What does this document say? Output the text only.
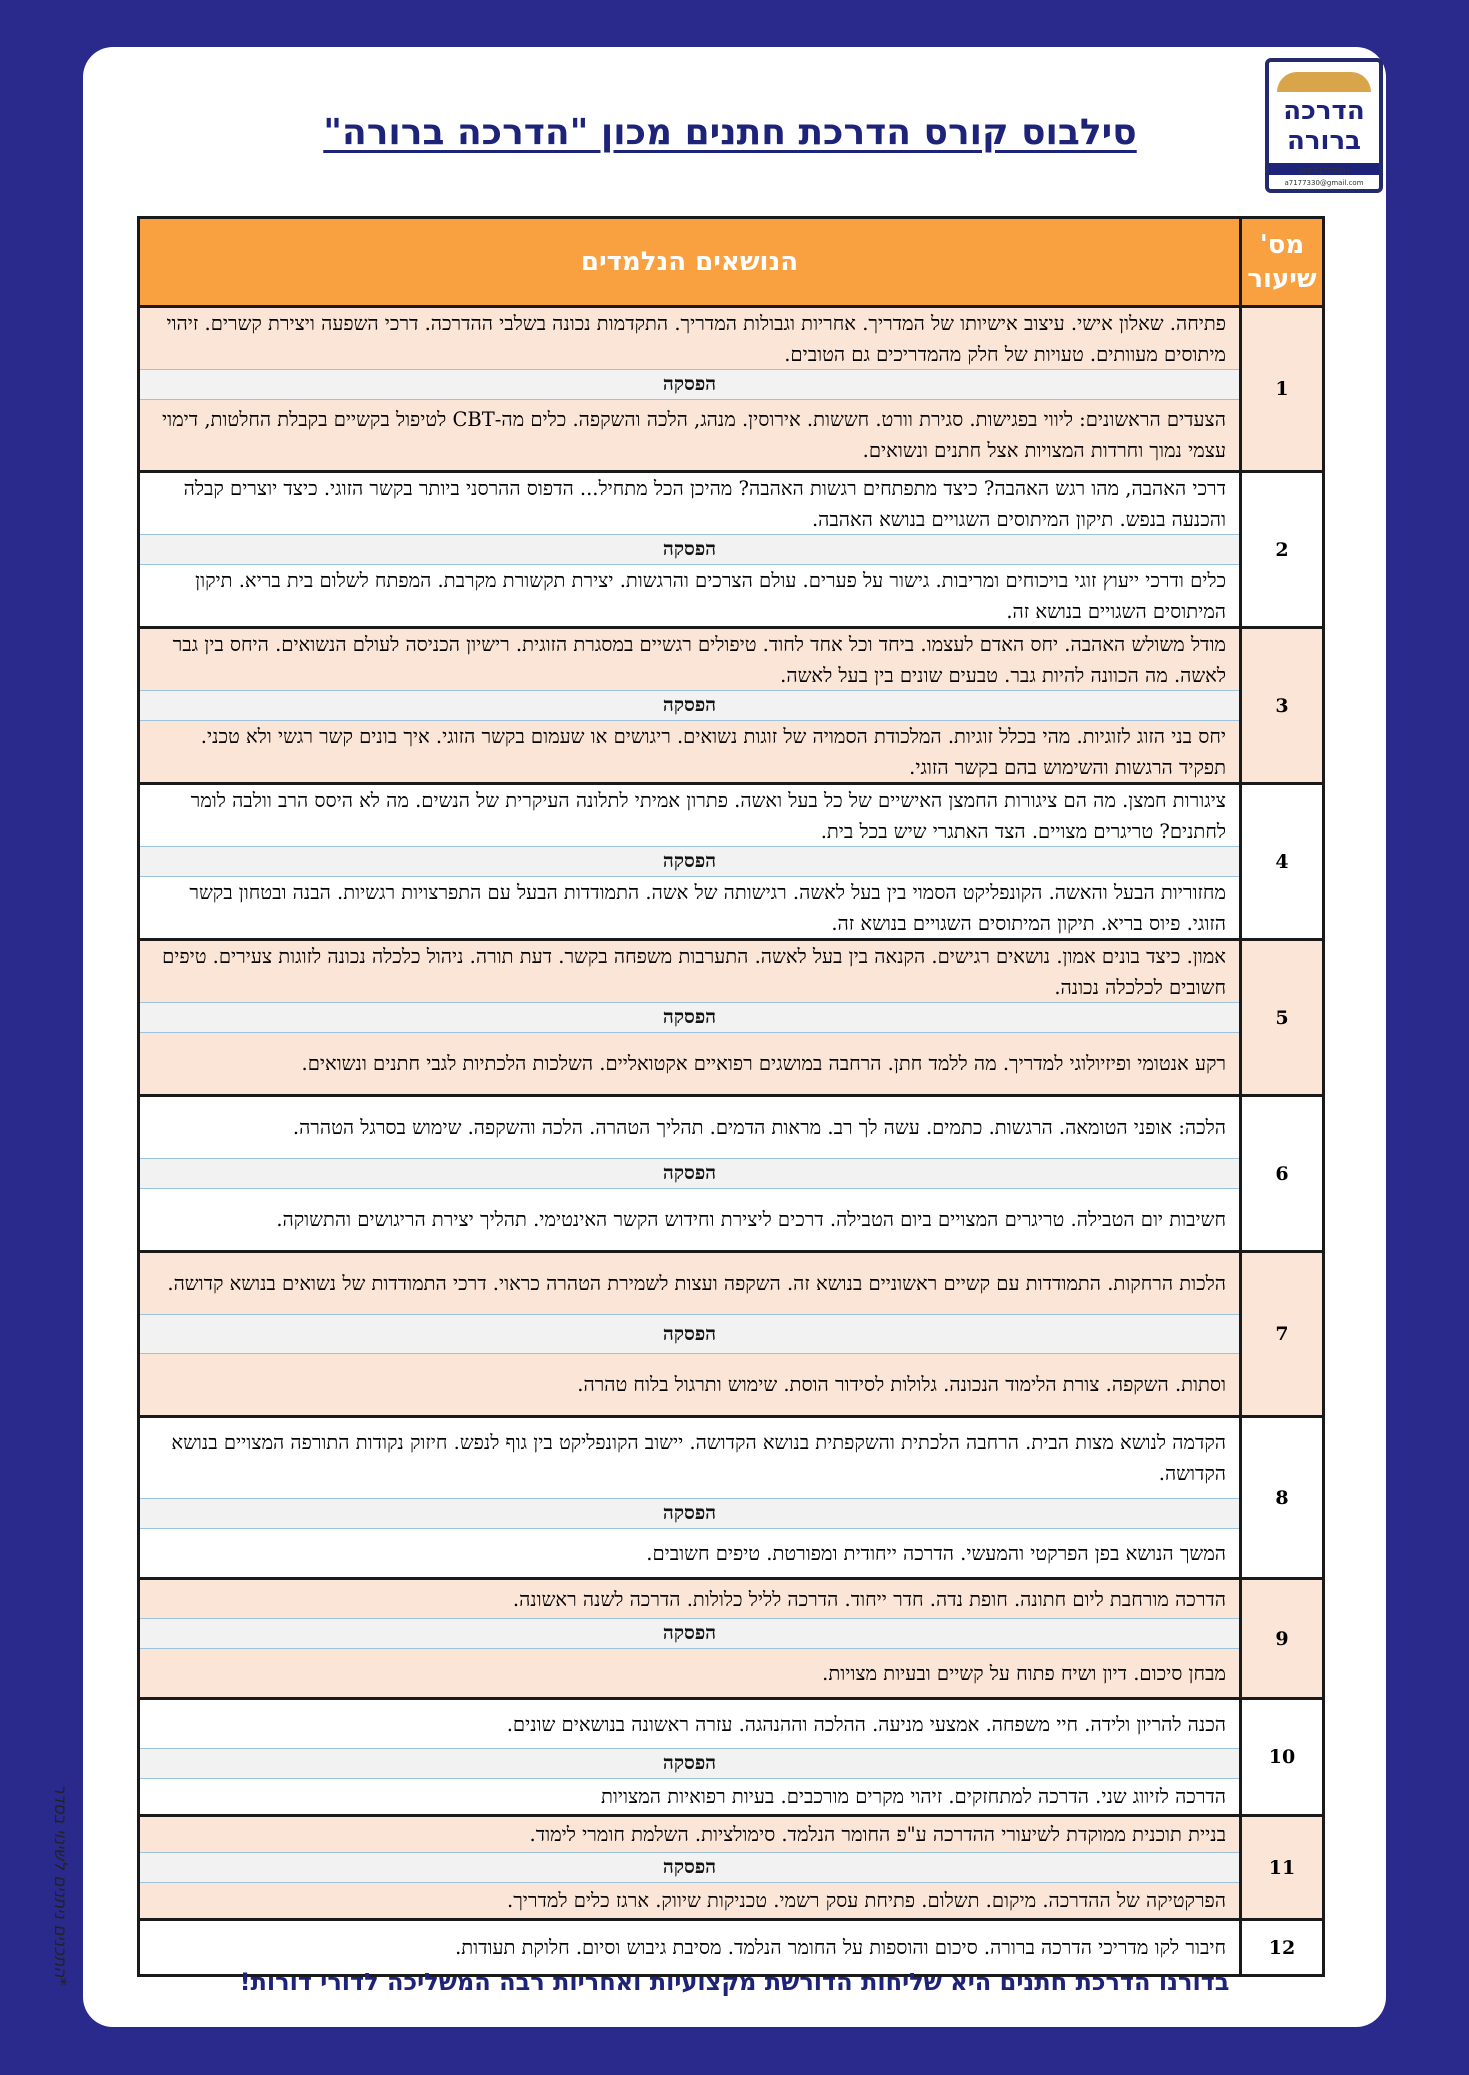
הדרכה
ברורה
052-7177330 | a7177330@gmail.com
סילבוס קורס הדרכת חתנים מכון "הדרכה ברורה"
מס'
שיעור	הנושאים הנלמדים
1	פתיחה. שאלון אישי. עיצוב אישיותו של המדריך. אחריות וגבולות המדריך. התקדמות נכונה בשלבי ההדרכה. דרכי השפעה ויצירת קשרים. זיהוי מיתוסים מעוותים. טעויות של חלק מהמדריכים גם הטובים.
הפסקה
הצעדים הראשונים: ליווי בפגישות. סגירת וורט. חששות. אירוסין. מנהג, הלכה והשקפה. כלים מה-CBT לטיפול בקשיים בקבלת החלטות, דימוי עצמי נמוך וחרדות המצויות אצל חתנים ונשואים.

2	דרכי האהבה, מהו רגש האהבה? כיצד מתפתחים רגשות האהבה? מהיכן הכל מתחיל... הדפוס ההרסני ביותר בקשר הזוגי. כיצד יוצרים קבלה והכנעה בנפש. תיקון המיתוסים השגויים בנושא האהבה.
הפסקה
כלים ודרכי ייעוץ זוגי בויכוחים ומריבות. גישור על פערים. עולם הצרכים והרגשות. יצירת תקשורת מקרבת. המפתח לשלום בית בריא. תיקון המיתוסים השגויים בנושא זה.

3	מודל משולש האהבה. יחס האדם לעצמו. ביחד וכל אחד לחוד. טיפולים רגשיים במסגרת הזוגית. רישיון הכניסה לעולם הנשואים. היחס בין גבר לאשה. מה הכוונה להיות גבר. טבעים שונים בין בעל לאשה.
הפסקה
יחס בני הזוג לזוגיות. מהי בכלל זוגיות. המלכודת הסמויה של זוגות נשואים. ריגושים או שעמום בקשר הזוגי. איך בונים קשר רגשי ולא טכני. תפקיד הרגשות והשימוש בהם בקשר הזוגי.

4	ציגורות חמצן. מה הם ציגורות החמצן האישיים של כל בעל ואשה. פתרון אמיתי לתלונה העיקרית של הנשים. מה לא היסס הרב וולבה לומר לחתנים? טריגרים מצויים. הצד האתגרי שיש בכל בית.
הפסקה
מחזוריות הבעל והאשה. הקונפליקט הסמוי בין בעל לאשה. רגישותה של אשה. התמודדות הבעל עם התפרצויות רגשיות. הבנה ובטחון בקשר הזוגי. פיוס בריא. תיקון המיתוסים השגויים בנושא זה.

5	אמון. כיצד בונים אמון. נושאים רגישים. הקנאה בין בעל לאשה. התערבות משפחה בקשר. דעת תורה. ניהול כלכלה נכונה לזוגות צעירים. טיפים חשובים לכלכלה נכונה.
הפסקה
רקע אנטומי ופיזיולוגי למדריך. מה ללמד חתן. הרחבה במושגים רפואיים אקטואליים. השלכות הלכתיות לגבי חתנים ונשואים.

6	הלכה: אופני הטומאה. הרגשות. כתמים. עשה לך רב. מראות הדמים. תהליך הטהרה. הלכה והשקפה. שימוש בסרגל הטהרה.
הפסקה
חשיבות יום הטבילה. טריגרים המצויים ביום הטבילה. דרכים ליצירת וחידוש הקשר האינטימי. תהליך יצירת הריגושים והתשוקה.

7	הלכות הרחקות. התמודדות עם קשיים ראשוניים בנושא זה. השקפה ועצות לשמירת הטהרה כראוי. דרכי התמודדות של נשואים בנושא קדושה.
הפסקה
וסתות. השקפה. צורת הלימוד הנכונה. גלולות לסידור הוסת. שימוש ותרגול בלוח טהרה.

8	הקדמה לנושא מצות הבית. הרחבה הלכתית והשקפתית בנושא הקדושה. יישוב הקונפליקט בין גוף לנפש. חיזוק נקודות התורפה המצויים בנושא הקדושה.
הפסקה
המשך הנושא בפן הפרקטי והמעשי. הדרכה ייחודית ומפורטת. טיפים חשובים.

9	הדרכה מורחבת ליום חתונה. חופת נדה. חדר ייחוד. הדרכה לליל כלולות. הדרכה לשנה ראשונה.
הפסקה
מבחן סיכום. דיון ושיח פתוח על קשיים ובעיות מצויות.

10	הכנה להריון ולידה. חיי משפחה. אמצעי מניעה. ההלכה וההנהגה. עזרה ראשונה בנושאים שונים.
הפסקה
הדרכה לזיווג שני. הדרכה למתחזקים. זיהוי מקרים מורכבים. בעיות רפואיות המצויות

11	בניית תוכנית ממוקדת לשיעורי ההדרכה ע"פ החומר הנלמד. סימולציות. השלמת חומרי לימוד.
הפסקה
הפרקטיקה של ההדרכה. מיקום. תשלום. פתיחת עסק רשמי. טכניקות שיווק. ארגז כלים למדריך.

12	חיבור לקו מדריכי הדרכה ברורה. סיכום והוספות על החומר הנלמד. מסיבת גיבוש וסיום. חלוקת תעודות.
*התכנים ניתנים לשינוי בסדר	בדורנו הדרכת חתנים היא שליחות הדורשת מקצועיות ואחריות רבה המשליכה לדורי דורות!
